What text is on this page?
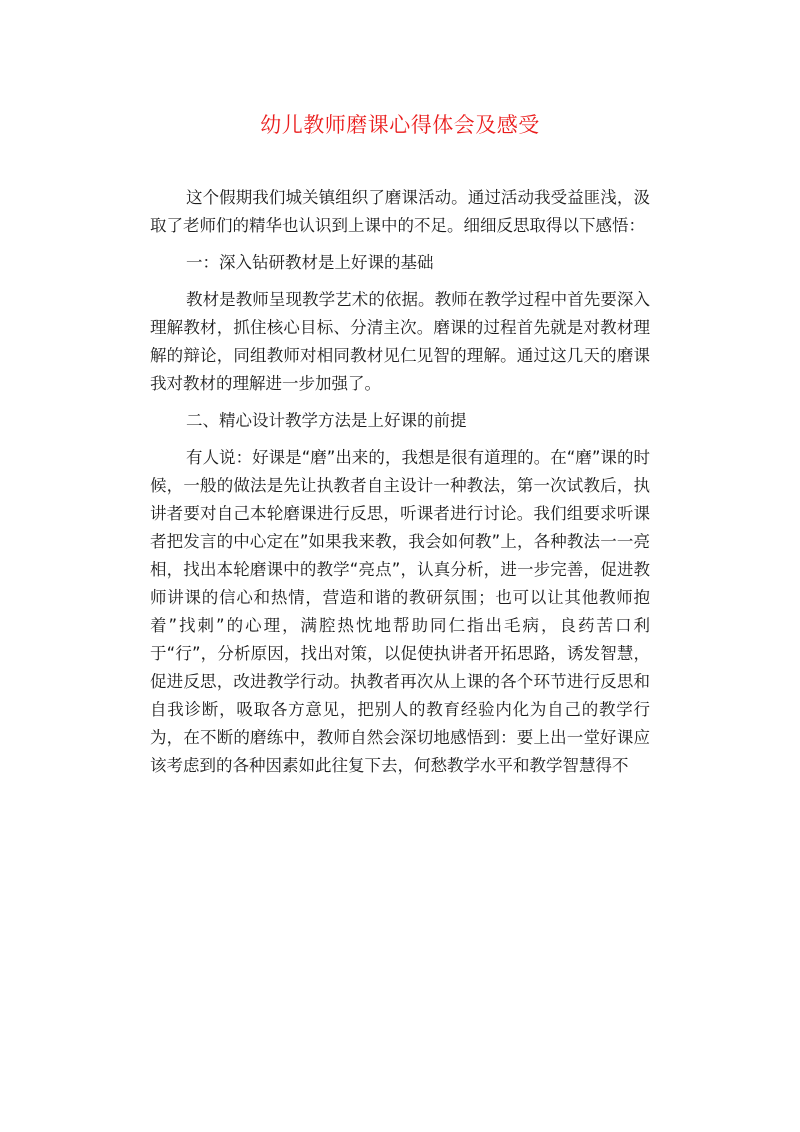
幼儿教师磨课心得体会及感受

这个假期我们城关镇组织了磨课活动。通过活动我受益匪浅，汲取了老师们的精华也认识到上课中的不足。细细反思取得以下感悟：

一：深入钻研教材是上好课的基础

教材是教师呈现教学艺术的依据。教师在教学过程中首先要深入理解教材，抓住核心目标、分清主次。磨课的过程首先就是对教材理解的辩论，同组教师对相同教材见仁见智的理解。通过这几天的磨课我对教材的理解进一步加强了。

二、精心设计教学方法是上好课的前提

有人说：好课是“磨”出来的，我想是很有道理的。在“磨”课的时候，一般的做法是先让执教者自主设计一种教法，第一次试教后，执讲者要对自己本轮磨课进行反思，听课者进行讨论。我们组要求听课者把发言的中心定在”如果我来教，我会如何教”上，各种教法一一亮相，找出本轮磨课中的教学“亮点”，认真分析，进一步完善，促进教师讲课的信心和热情，营造和谐的教研氛围；也可以让其他教师抱着”找刺”的心理，满腔热忱地帮助同仁指出毛病，良药苦口利于“行”，分析原因，找出对策，以促使执讲者开拓思路，诱发智慧，促进反思，改进教学行动。执教者再次从上课的各个环节进行反思和自我诊断，吸取各方意见，把别人的教育经验内化为自己的教学行为，在不断的磨练中，教师自然会深切地感悟到：要上出一堂好课应该考虑到的各种因素如此往复下去，何愁教学水平和教学智慧得不
